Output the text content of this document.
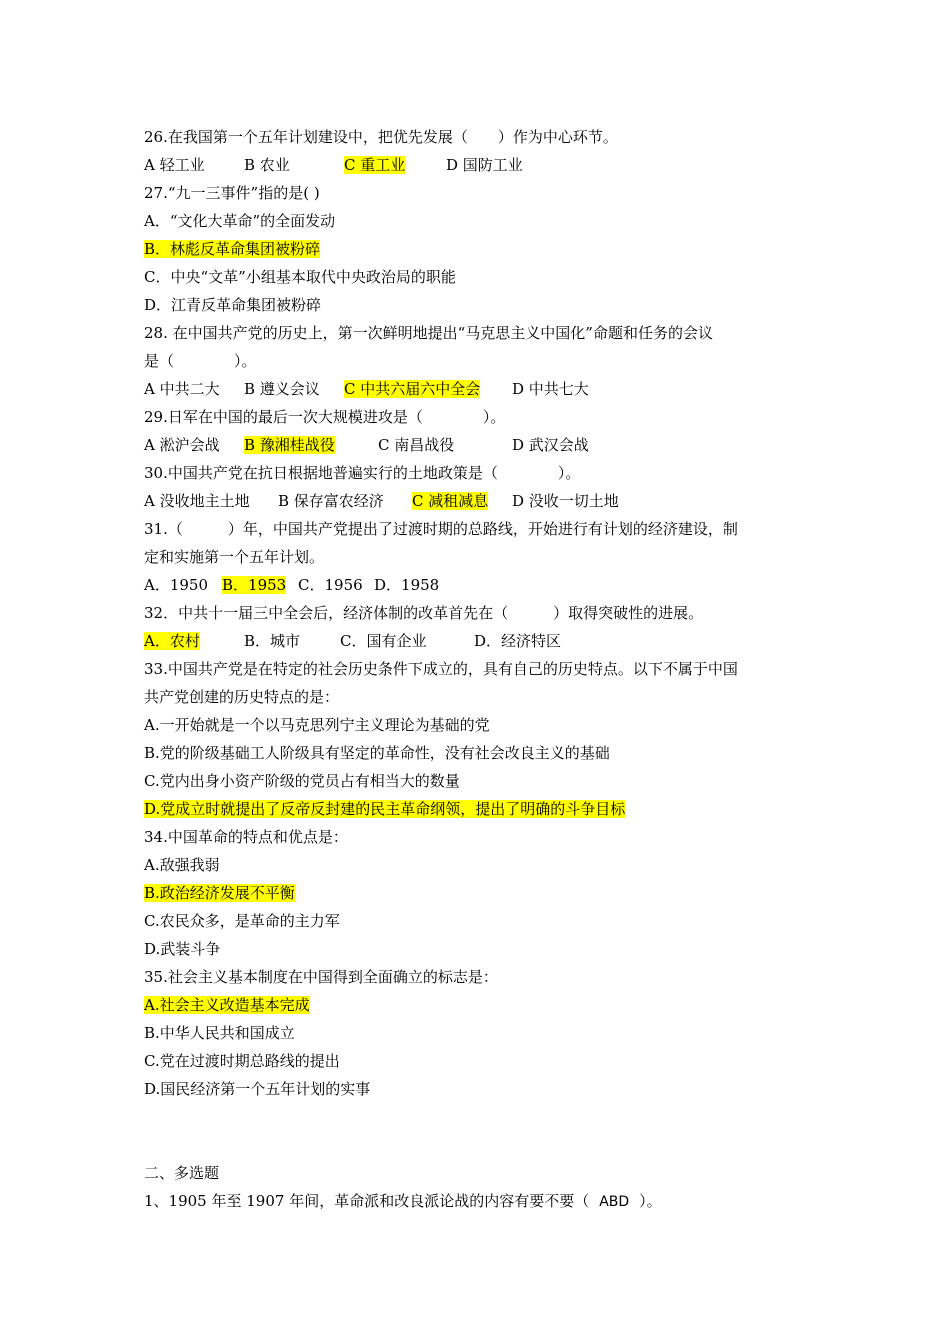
26.在我国第一个五年计划建设中，把优先发展（　　）作为中心环节。
A 轻工业	B 农业	C 重工业	D 国防工业
27.“九一三事件”指的是( )
A．“文化大革命”的全面发动
B．林彪反革命集团被粉碎
C．中央“文革”小组基本取代中央政治局的职能
D．江青反革命集团被粉碎
28. 在中国共产党的历史上，第一次鲜明地提出“马克思主义中国化”命题和任务的会议
是（　　　　）。
A 中共二大 B 遵义会议 C 中共六届六中全会 D 中共七大
29.日军在中国的最后一次大规模进攻是（　　　　）。
A 淞沪会战 B 豫湘桂战役	C 南昌战役	D 武汉会战
30.中国共产党在抗日根据地普遍实行的土地政策是（　　　　）。
A 没收地主土地 B 保存富农经济 C 减租减息 D 没收一切土地
31.（　　　）年，中国共产党提出了过渡时期的总路线，开始进行有计划的经济建设，制
定和实施第一个五年计划。
A．1950 B．1953 C．1956 D．1958
32．中共十一届三中全会后，经济体制的改革首先在（　　　）取得突破性的进展。
A．农村	B．城市	C．国有企业	D．经济特区
33.中国共产党是在特定的社会历史条件下成立的，具有自己的历史特点。以下不属于中国
共产党创建的历史特点的是：
A.一开始就是一个以马克思列宁主义理论为基础的党
B.党的阶级基础工人阶级具有坚定的革命性，没有社会改良主义的基础
C.党内出身小资产阶级的党员占有相当大的数量
D.党成立时就提出了反帝反封建的民主革命纲领，提出了明确的斗争目标
34.中国革命的特点和优点是：
A.敌强我弱
B.政治经济发展不平衡
C.农民众多，是革命的主力军
D.武装斗争
35.社会主义基本制度在中国得到全面确立的标志是：
A.社会主义改造基本完成
B.中华人民共和国成立
C.党在过渡时期总路线的提出
D.国民经济第一个五年计划的实事
二、多选题
1、1905 年至 1907 年间，革命派和改良派论战的内容有要不要（ ABD ）。
